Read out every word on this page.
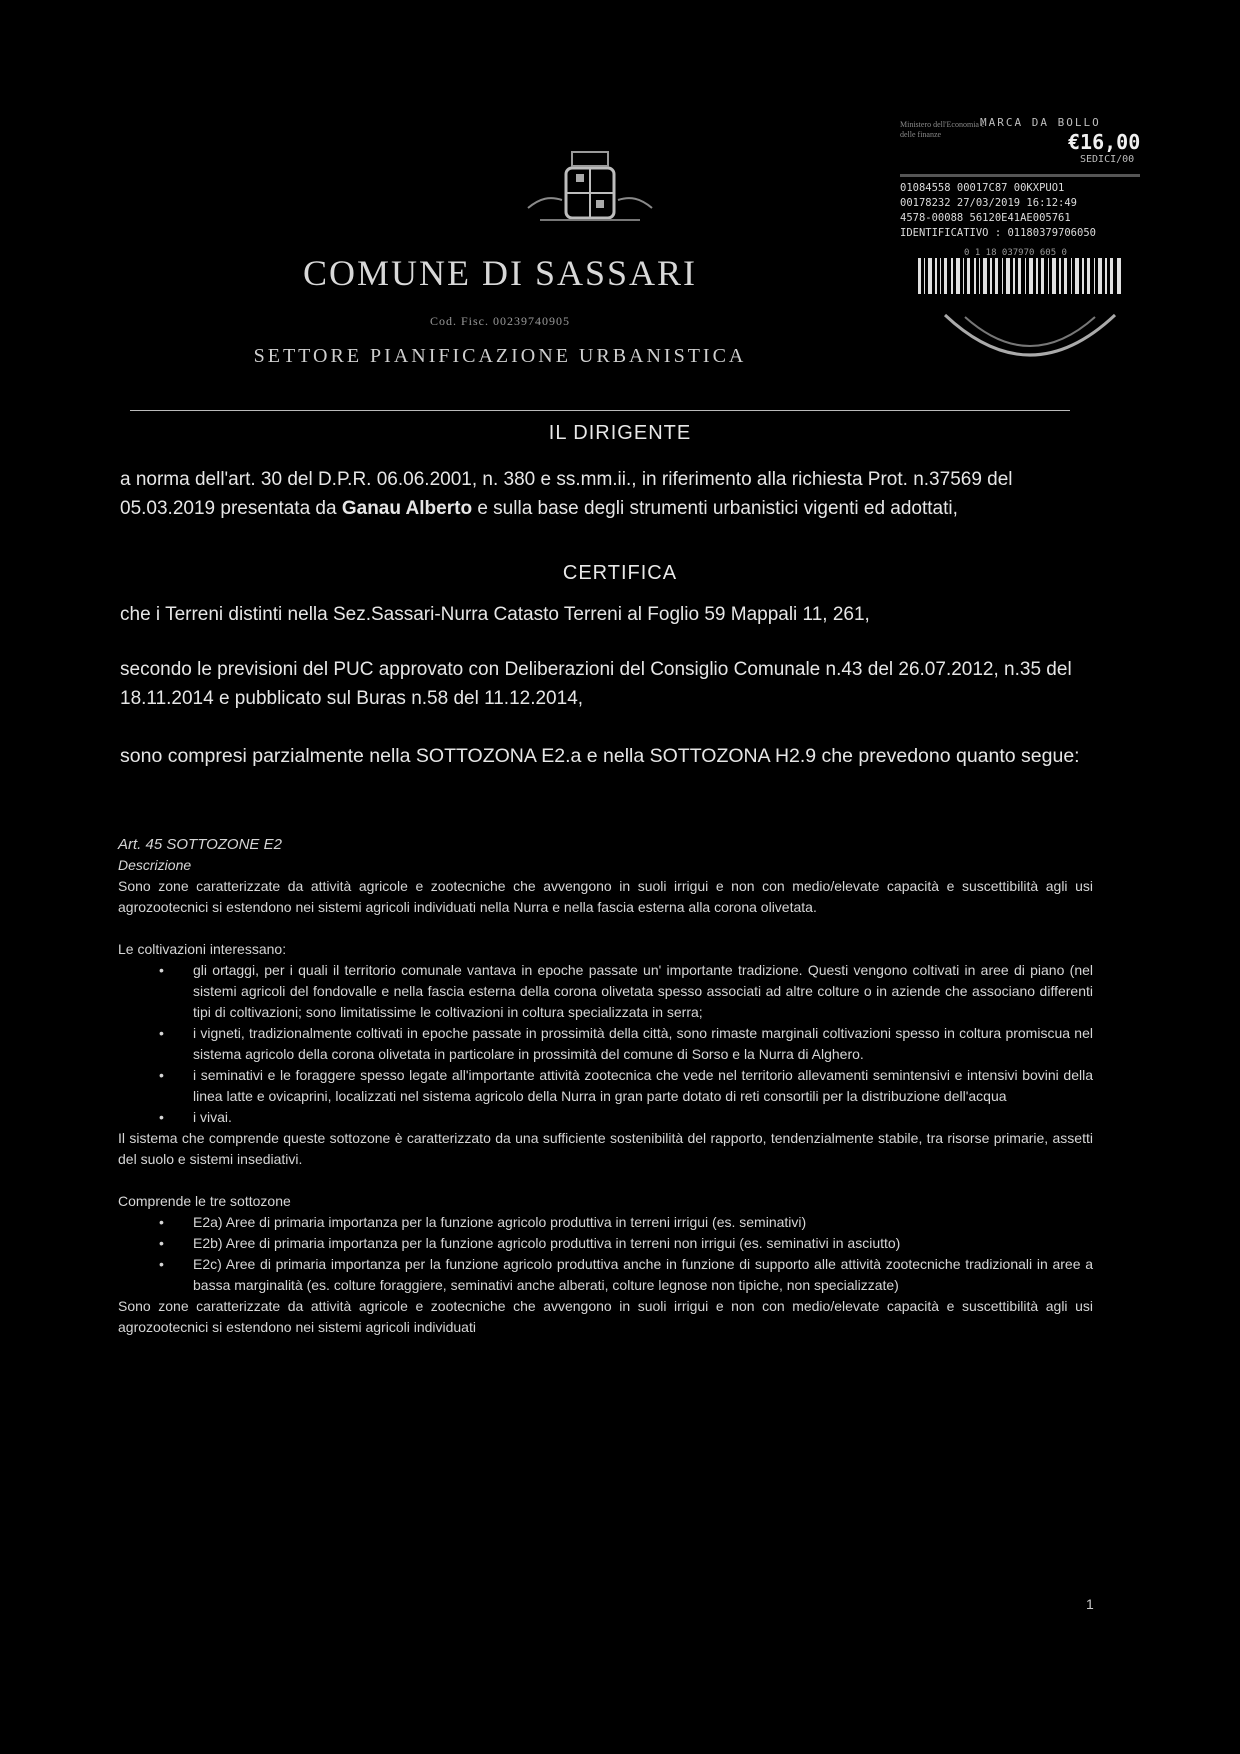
COMUNE DI SASSARI
Cod. Fisc. 00239740905
SETTORE PIANIFICAZIONE URBANISTICA
MARCA DA BOLLO
Ministero dell'Economia e delle finanze	€16,00
SEDICI/00
01084558 00017C87 00KXPUO1
00178232 27/03/2019 16:12:49
4578-00088 56120E41AE005761
IDENTIFICATIVO : 01180379706050
0 1 18 037970 605 0
IL DIRIGENTE
a norma dell'art. 30 del D.P.R. 06.06.2001, n. 380 e ss.mm.ii., in riferimento alla richiesta Prot. n.37569 del 05.03.2019 presentata da Ganau Alberto e sulla base degli strumenti urbanistici vigenti ed adottati,
CERTIFICA
che i Terreni distinti nella Sez.Sassari-Nurra Catasto Terreni al Foglio 59 Mappali 11, 261,
secondo le previsioni del PUC approvato con Deliberazioni del Consiglio Comunale n.43 del 26.07.2012, n.35 del 18.11.2014 e pubblicato sul Buras n.58 del 11.12.2014,
sono compresi parzialmente nella SOTTOZONA E2.a e nella SOTTOZONA H2.9 che prevedono quanto segue:
Art. 45 SOTTOZONE E2
Descrizione
Sono zone caratterizzate da attività agricole e zootecniche che avvengono in suoli irrigui e non con medio/elevate capacità e suscettibilità agli usi agrozootecnici si estendono nei sistemi agricoli individuati nella Nurra e nella fascia esterna alla corona olivetata.
Le coltivazioni interessano:
• gli ortaggi, per i quali il territorio comunale vantava in epoche passate un' importante tradizione. Questi vengono coltivati in aree di piano (nel sistemi agricoli del fondovalle e nella fascia esterna della corona olivetata spesso associati ad altre colture o in aziende che associano differenti tipi di coltivazioni; sono limitatissime le coltivazioni in coltura specializzata in serra;
• i vigneti, tradizionalmente coltivati in epoche passate in prossimità della città, sono rimaste marginali coltivazioni spesso in coltura promiscua nel sistema agricolo della corona olivetata in particolare in prossimità del comune di Sorso e la Nurra di Alghero.
• i seminativi e le foraggere spesso legate all'importante attività zootecnica che vede nel territorio allevamenti semintensivi e intensivi bovini della linea latte e ovicaprini, localizzati nel sistema agricolo della Nurra in gran parte dotato di reti consortili per la distribuzione dell'acqua
• i vivai.
Il sistema che comprende queste sottozone è caratterizzato da una sufficiente sostenibilità del rapporto, tendenzialmente stabile, tra risorse primarie, assetti del suolo e sistemi insediativi.
Comprende le tre sottozone
• E2a) Aree di primaria importanza per la funzione agricolo produttiva in terreni irrigui (es. seminativi)
• E2b) Aree di primaria importanza per la funzione agricolo produttiva in terreni non irrigui (es. seminativi in asciutto)
• E2c) Aree di primaria importanza per la funzione agricolo produttiva anche in funzione di supporto alle attività zootecniche tradizionali in aree a bassa marginalità (es. colture foraggiere, seminativi anche alberati, colture legnose non tipiche, non specializzate)
Sono zone caratterizzate da attività agricole e zootecniche che avvengono in suoli irrigui e non con medio/elevate capacità e suscettibilità agli usi agrozootecnici si estendono nei sistemi agricoli individuati
1
